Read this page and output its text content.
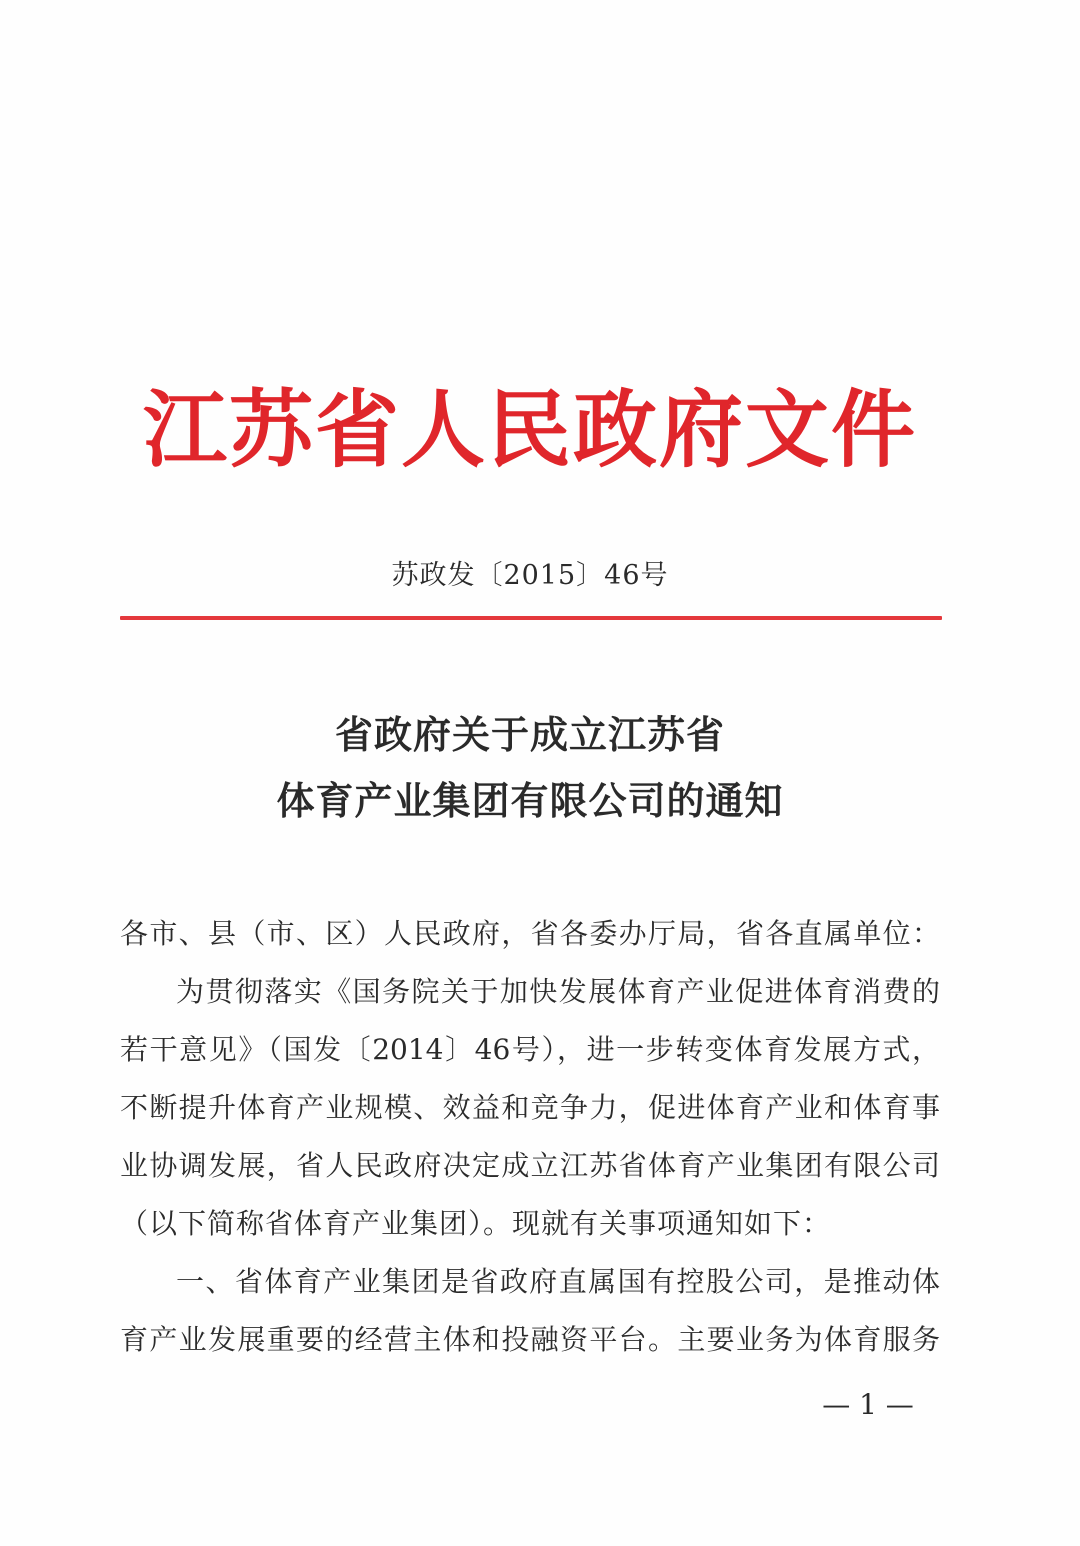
江苏省人民政府文件
苏政发〔2015〕46号
省政府关于成立江苏省
体育产业集团有限公司的通知
各市、县（市、区）人民政府，省各委办厅局，省各直属单位：
为贯彻落实《国务院关于加快发展体育产业促进体育消费的
若干意见》（国发〔2014〕46号），进一步转变体育发展方式，
不断提升体育产业规模、效益和竞争力，促进体育产业和体育事
业协调发展，省人民政府决定成立江苏省体育产业集团有限公司
（以下简称省体育产业集团）。现就有关事项通知如下：
一、省体育产业集团是省政府直属国有控股公司，是推动体
育产业发展重要的经营主体和投融资平台。主要业务为体育服务
— 1 —
